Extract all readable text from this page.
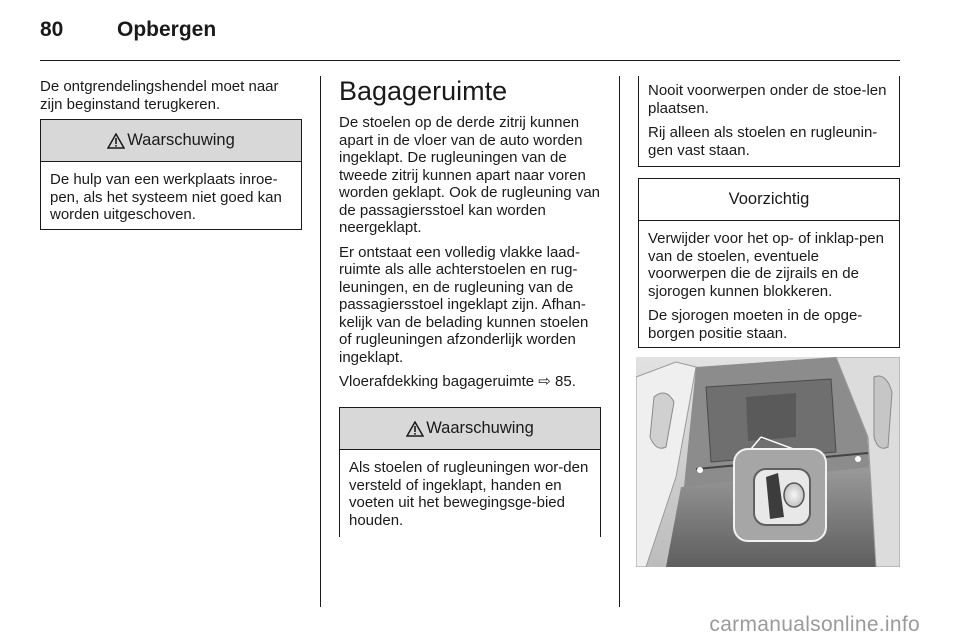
80	Opbergen

De ontgrendelingshendel moet naar zijn beginstand terugkeren.

Waarschuwing

De hulp van een werkplaats inroe-pen, als het systeem niet goed kan worden uitgeschoven.

Bagageruimte

De stoelen op de derde zitrij kunnen apart in de vloer van de auto worden ingeklapt. De rugleuningen van de tweede zitrij kunnen apart naar voren worden geklapt. Ook de rugleuning van de passagiersstoel kan worden neergeklapt.

Er ontstaat een volledig vlakke laad-ruimte als alle achterstoelen en rug-leuningen, en de rugleuning van de passagiersstoel ingeklapt zijn. Afhan-kelijk van de belading kunnen stoelen of rugleuningen afzonderlijk worden ingeklapt.

Vloerafdekking bagageruimte ⇨ 85.

Waarschuwing

Als stoelen of rugleuningen wor-den versteld of ingeklapt, handen en voeten uit het bewegingsge-bied houden.

Nooit voorwerpen onder de stoe-len plaatsen.

Rij alleen als stoelen en rugleunin-gen vast staan.

Voorzichtig

Verwijder voor het op- of inklap-pen van de stoelen, eventuele voorwerpen die de zijrails en de sjorogen kunnen blokkeren.

De sjorogen moeten in de opge-borgen positie staan.

carmanualsonline.info
